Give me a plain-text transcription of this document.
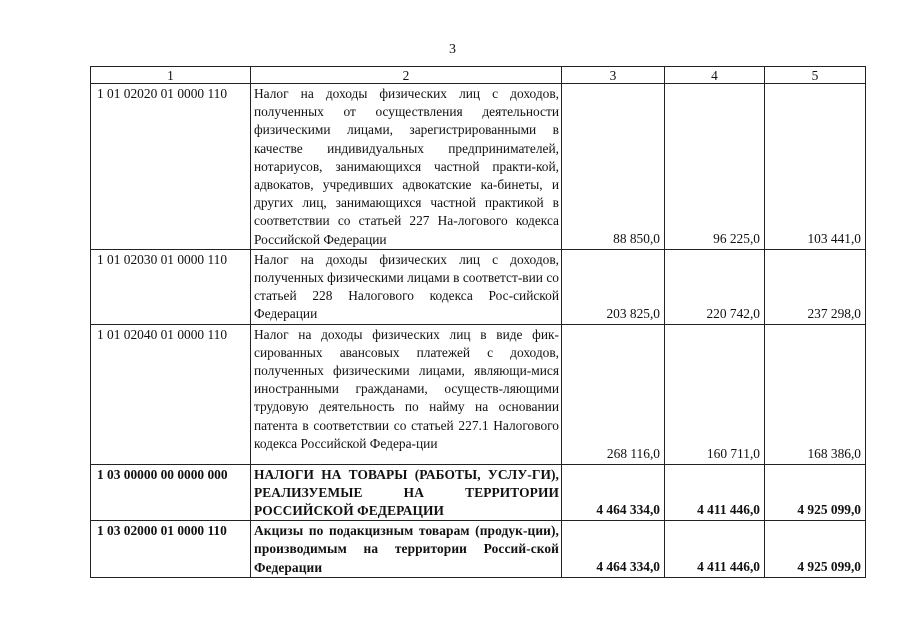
3
1	2	3	4	5
1 01 02020 01 0000 110	Налог на доходы физических лиц с доходов, полученных от осуществления деятельности физическими лицами, зарегистрированными в качестве индивидуальных предпринимателей, нотариусов, занимающихся частной практи-кой, адвокатов, учредивших адвокатские ка-бинеты, и других лиц, занимающихся частной практикой в соответствии со статьей 227 На-логового кодекса Российской Федерации	88 850,0	96 225,0	103 441,0
1 01 02030 01 0000 110	Налог на доходы физических лиц с доходов, полученных физическими лицами в соответст-вии со статьей 228 Налогового кодекса Рос-сийской Федерации	203 825,0	220 742,0	237 298,0
1 01 02040 01 0000 110	Налог на доходы физических лиц в виде фик-сированных авансовых платежей с доходов, полученных физическими лицами, являющи-мися иностранными гражданами, осуществ-ляющими трудовую деятельность по найму на основании патента в соответствии со статьей 227.1 Налогового кодекса Российской Федера-ции	268 116,0	160 711,0	168 386,0
1 03 00000 00 0000 000	НАЛОГИ НА ТОВАРЫ (РАБОТЫ, УСЛУ-ГИ), РЕАЛИЗУЕМЫЕ НА ТЕРРИТОРИИ РОССИЙСКОЙ ФЕДЕРАЦИИ	4 464 334,0	4 411 446,0	4 925 099,0
1 03 02000 01 0000 110	Акцизы по подакцизным товарам (продук-ции), производимым на территории Россий-ской Федерации	4 464 334,0	4 411 446,0	4 925 099,0
